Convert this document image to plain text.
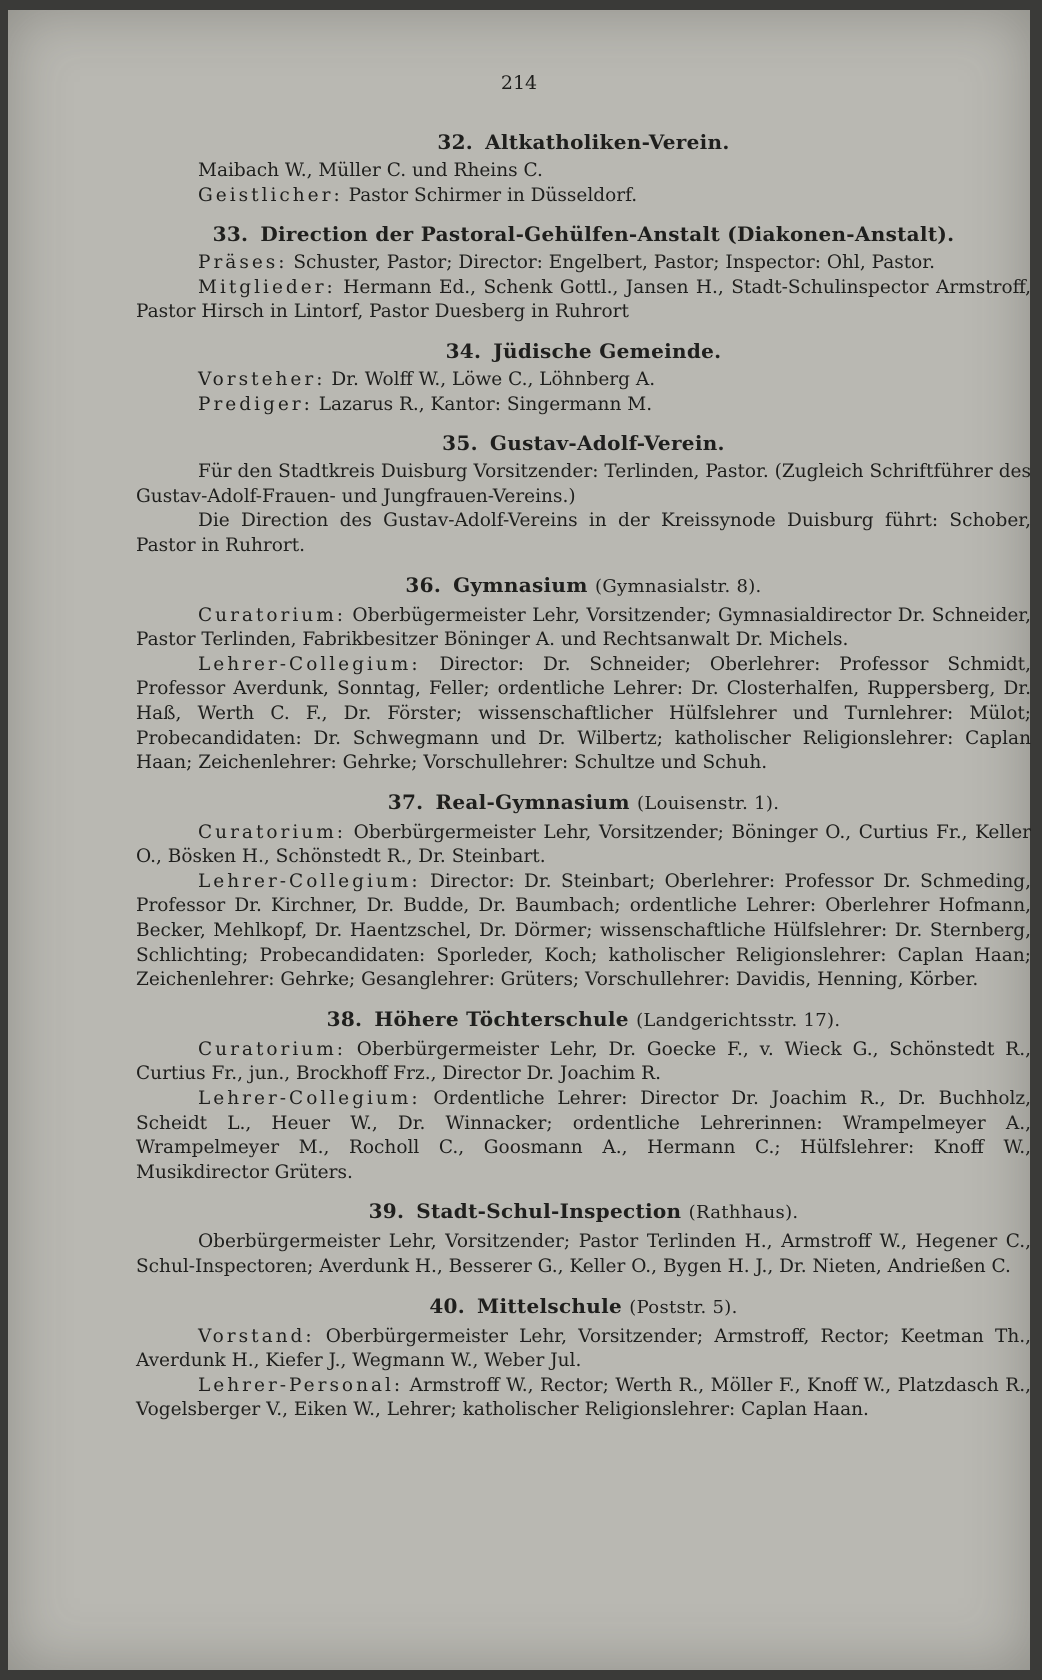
214
32. Altkatholiken-Verein.

Maibach W., Müller C. und Rheins C.

Geistlicher: Pastor Schirmer in Düsseldorf.

33. Direction der Pastoral-Gehülfen-Anstalt (Diakonen-Anstalt).

Präses: Schuster, Pastor; Director: Engelbert, Pastor; Inspector: Ohl, Pastor.

Mitglieder: Hermann Ed., Schenk Gottl., Jansen H., Stadt-Schulinspector Armstroff, Pastor Hirsch in Lintorf, Pastor Duesberg in Ruhrort

34. Jüdische Gemeinde.

Vorsteher: Dr. Wolff W., Löwe C., Löhnberg A.

Prediger: Lazarus R., Kantor: Singermann M.

35. Gustav-Adolf-Verein.

Für den Stadtkreis Duisburg Vorsitzender: Terlinden, Pastor. (Zugleich Schriftführer des Gustav-Adolf-Frauen- und Jungfrauen-Vereins.)

Die Direction des Gustav-Adolf-Vereins in der Kreissynode Duisburg führt: Schober, Pastor in Ruhrort.

36. Gymnasium (Gymnasialstr. 8).

Curatorium: Oberbügermeister Lehr, Vorsitzender; Gymnasialdirector Dr. Schneider, Pastor Terlinden, Fabrikbesitzer Böninger A. und Rechtsanwalt Dr. Michels.

Lehrer-Collegium: Director: Dr. Schneider; Oberlehrer: Professor Schmidt, Professor Averdunk, Sonntag, Feller; ordentliche Lehrer: Dr. Closterhalfen, Ruppersberg, Dr. Haß, Werth C. F., Dr. Förster; wissenschaftlicher Hülfslehrer und Turnlehrer: Mülot; Probecandidaten: Dr. Schwegmann und Dr. Wilbertz; katholischer Religionslehrer: Caplan Haan; Zeichenlehrer: Gehrke; Vorschullehrer: Schultze und Schuh.

37. Real-Gymnasium (Louisenstr. 1).

Curatorium: Oberbürgermeister Lehr, Vorsitzender; Böninger O., Curtius Fr., Keller O., Bösken H., Schönstedt R., Dr. Steinbart.

Lehrer-Collegium: Director: Dr. Steinbart; Oberlehrer: Professor Dr. Schmeding, Professor Dr. Kirchner, Dr. Budde, Dr. Baumbach; ordentliche Lehrer: Oberlehrer Hofmann, Becker, Mehlkopf, Dr. Haentzschel, Dr. Dörmer; wissenschaftliche Hülfslehrer: Dr. Sternberg, Schlichting; Probecandidaten: Sporleder, Koch; katholischer Religionslehrer: Caplan Haan; Zeichenlehrer: Gehrke; Gesanglehrer: Grüters; Vorschullehrer: Davidis, Henning, Körber.

38. Höhere Töchterschule (Landgerichtsstr. 17).

Curatorium: Oberbürgermeister Lehr, Dr. Goecke F., v. Wieck G., Schönstedt R., Curtius Fr., jun., Brockhoff Frz., Director Dr. Joachim R.

Lehrer-Collegium: Ordentliche Lehrer: Director Dr. Joachim R., Dr. Buchholz, Scheidt L., Heuer W., Dr. Winnacker; ordentliche Lehrerinnen: Wrampelmeyer A., Wrampelmeyer M., Rocholl C., Goosmann A., Hermann C.; Hülfslehrer: Knoff W., Musikdirector Grüters.

39. Stadt-Schul-Inspection (Rathhaus).

Oberbürgermeister Lehr, Vorsitzender; Pastor Terlinden H., Armstroff W., Hegener C., Schul-Inspectoren; Averdunk H., Besserer G., Keller O., Bygen H. J., Dr. Nieten, Andrießen C.

40. Mittelschule (Poststr. 5).

Vorstand: Oberbürgermeister Lehr, Vorsitzender; Armstroff, Rector; Keetman Th., Averdunk H., Kiefer J., Wegmann W., Weber Jul.

Lehrer-Personal: Armstroff W., Rector; Werth R., Möller F., Knoff W., Platzdasch R., Vogelsberger V., Eiken W., Lehrer; katholischer Religionslehrer: Caplan Haan.
